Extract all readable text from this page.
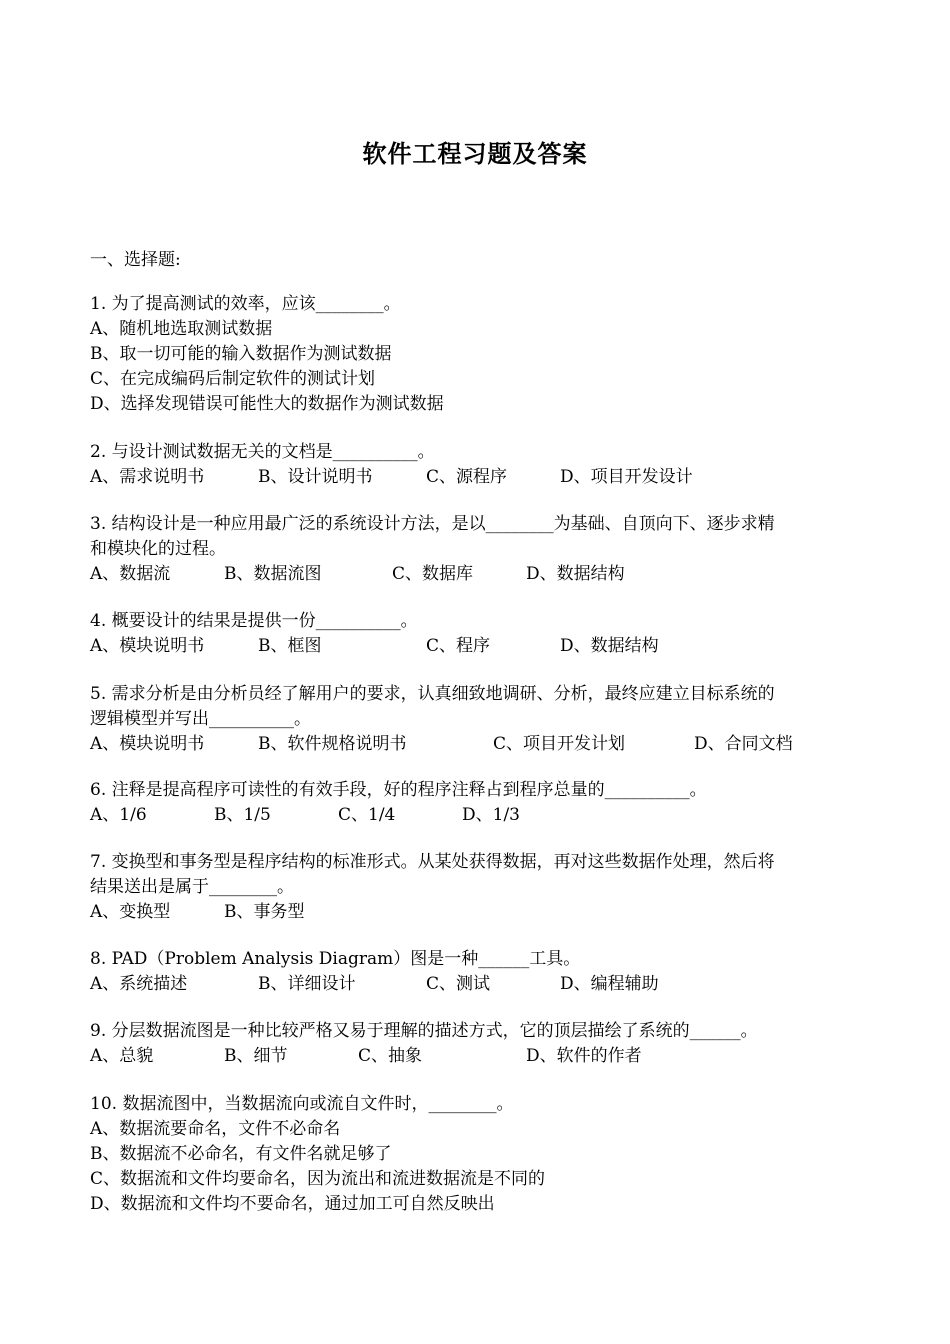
软件工程习题及答案
一、选择题:
1. 为了提高测试的效率，应该________。
A、随机地选取测试数据
B、取一切可能的输入数据作为测试数据
C、在完成编码后制定软件的测试计划
D、选择发现错误可能性大的数据作为测试数据
2. 与设计测试数据无关的文档是__________。
A、需求说明书	B、设计说明书	C、源程序	D、项目开发设计
3. 结构设计是一种应用最广泛的系统设计方法，是以________为基础、自顶向下、逐步求精
和模块化的过程。
A、数据流	B、数据流图	C、数据库	D、数据结构
4. 概要设计的结果是提供一份__________。
A、模块说明书	B、框图	C、程序	D、数据结构
5. 需求分析是由分析员经了解用户的要求，认真细致地调研、分析，最终应建立目标系统的
逻辑模型并写出__________。
A、模块说明书	B、软件规格说明书	C、项目开发计划	D、合同文档
6. 注释是提高程序可读性的有效手段，好的程序注释占到程序总量的__________。
A、1/6	B、1/5	C、1/4	D、1/3
7. 变换型和事务型是程序结构的标准形式。从某处获得数据，再对这些数据作处理，然后将
结果送出是属于________。
A、变换型	B、事务型
8. PAD（Problem Analysis Diagram）图是一种______工具。
A、系统描述	B、详细设计	C、测试	D、编程辅助
9. 分层数据流图是一种比较严格又易于理解的描述方式，它的顶层描绘了系统的______。
A、总貌	B、细节	C、抽象	D、软件的作者
10. 数据流图中，当数据流向或流自文件时，________。
A、数据流要命名，文件不必命名
B、数据流不必命名，有文件名就足够了
C、数据流和文件均要命名，因为流出和流进数据流是不同的
D、数据流和文件均不要命名，通过加工可自然反映出
